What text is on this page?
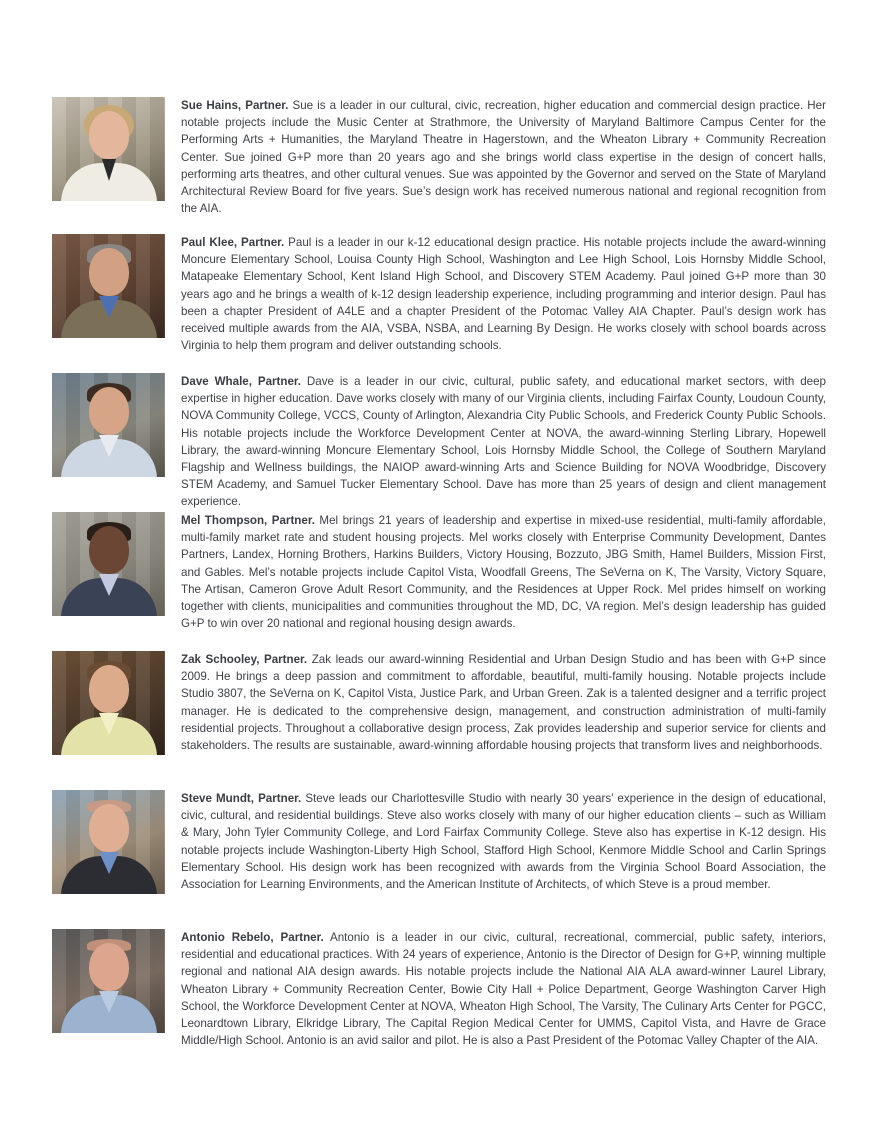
Sue Hains, Partner. Sue is a leader in our cultural, civic, recreation, higher education and commercial design practice. Her notable projects include the Music Center at Strathmore, the University of Maryland Baltimore Campus Center for the Performing Arts + Humanities, the Maryland Theatre in Hagerstown, and the Wheaton Library + Community Recreation Center. Sue joined G+P more than 20 years ago and she brings world class expertise in the design of concert halls, performing arts theatres, and other cultural venues. Sue was appointed by the Governor and served on the State of Maryland Architectural Review Board for five years. Sue’s design work has received numerous national and regional recognition from the AIA.
Paul Klee, Partner. Paul is a leader in our k-12 educational design practice. His notable projects include the award-winning Moncure Elementary School, Louisa County High School, Washington and Lee High School, Lois Hornsby Middle School, Matapeake Elementary School, Kent Island High School, and Discovery STEM Academy. Paul joined G+P more than 30 years ago and he brings a wealth of k-12 design leadership experience, including programming and interior design. Paul has been a chapter President of A4LE and a chapter President of the Potomac Valley AIA Chapter. Paul’s design work has received multiple awards from the AIA, VSBA, NSBA, and Learning By Design. He works closely with school boards across Virginia to help them program and deliver outstanding schools.
Dave Whale, Partner. Dave is a leader in our civic, cultural, public safety, and educational market sectors, with deep expertise in higher education. Dave works closely with many of our Virginia clients, including Fairfax County, Loudoun County, NOVA Community College, VCCS, County of Arlington, Alexandria City Public Schools, and Frederick County Public Schools. His notable projects include the Workforce Development Center at NOVA, the award-winning Sterling Library, Hopewell Library, the award-winning Moncure Elementary School, Lois Hornsby Middle School, the College of Southern Maryland Flagship and Wellness buildings, the NAIOP award-winning Arts and Science Building for NOVA Woodbridge, Discovery STEM Academy, and Samuel Tucker Elementary School. Dave has more than 25 years of design and client management experience.
Mel Thompson, Partner. Mel brings 21 years of leadership and expertise in mixed-use residential, multi-family affordable, multi-family market rate and student housing projects. Mel works closely with Enterprise Community Development, Dantes Partners, Landex, Horning Brothers, Harkins Builders, Victory Housing, Bozzuto, JBG Smith, Hamel Builders, Mission First, and Gables. Mel’s notable projects include Capitol Vista, Woodfall Greens, The SeVerna on K, The Varsity, Victory Square, The Artisan, Cameron Grove Adult Resort Community, and the Residences at Upper Rock. Mel prides himself on working together with clients, municipalities and communities throughout the MD, DC, VA region. Mel’s design leadership has guided G+P to win over 20 national and regional housing design awards.
Zak Schooley, Partner. Zak leads our award-winning Residential and Urban Design Studio and has been with G+P since 2009. He brings a deep passion and commitment to affordable, beautiful, multi-family housing. Notable projects include Studio 3807, the SeVerna on K, Capitol Vista, Justice Park, and Urban Green. Zak is a talented designer and a terrific project manager. He is dedicated to the comprehensive design, management, and construction administration of multi-family residential projects. Throughout a collaborative design process, Zak provides leadership and superior service for clients and stakeholders. The results are sustainable, award-winning affordable housing projects that transform lives and neighborhoods.
Steve Mundt, Partner. Steve leads our Charlottesville Studio with nearly 30 years’ experience in the design of educational, civic, cultural, and residential buildings. Steve also works closely with many of our higher education clients – such as William & Mary, John Tyler Community College, and Lord Fairfax Community College. Steve also has expertise in K-12 design. His notable projects include Washington-Liberty High School, Stafford High School, Kenmore Middle School and Carlin Springs Elementary School. His design work has been recognized with awards from the Virginia School Board Association, the Association for Learning Environments, and the American Institute of Architects, of which Steve is a proud member.
Antonio Rebelo, Partner. Antonio is a leader in our civic, cultural, recreational, commercial, public safety, interiors, residential and educational practices. With 24 years of experience, Antonio is the Director of Design for G+P, winning multiple regional and national AIA design awards. His notable projects include the National AIA ALA award-winner Laurel Library, Wheaton Library + Community Recreation Center, Bowie City Hall + Police Department, George Washington Carver High School, the Workforce Development Center at NOVA, Wheaton High School, The Varsity, The Culinary Arts Center for PGCC, Leonardtown Library, Elkridge Library, The Capital Region Medical Center for UMMS, Capitol Vista, and Havre de Grace Middle/High School. Antonio is an avid sailor and pilot. He is also a Past President of the Potomac Valley Chapter of the AIA.
